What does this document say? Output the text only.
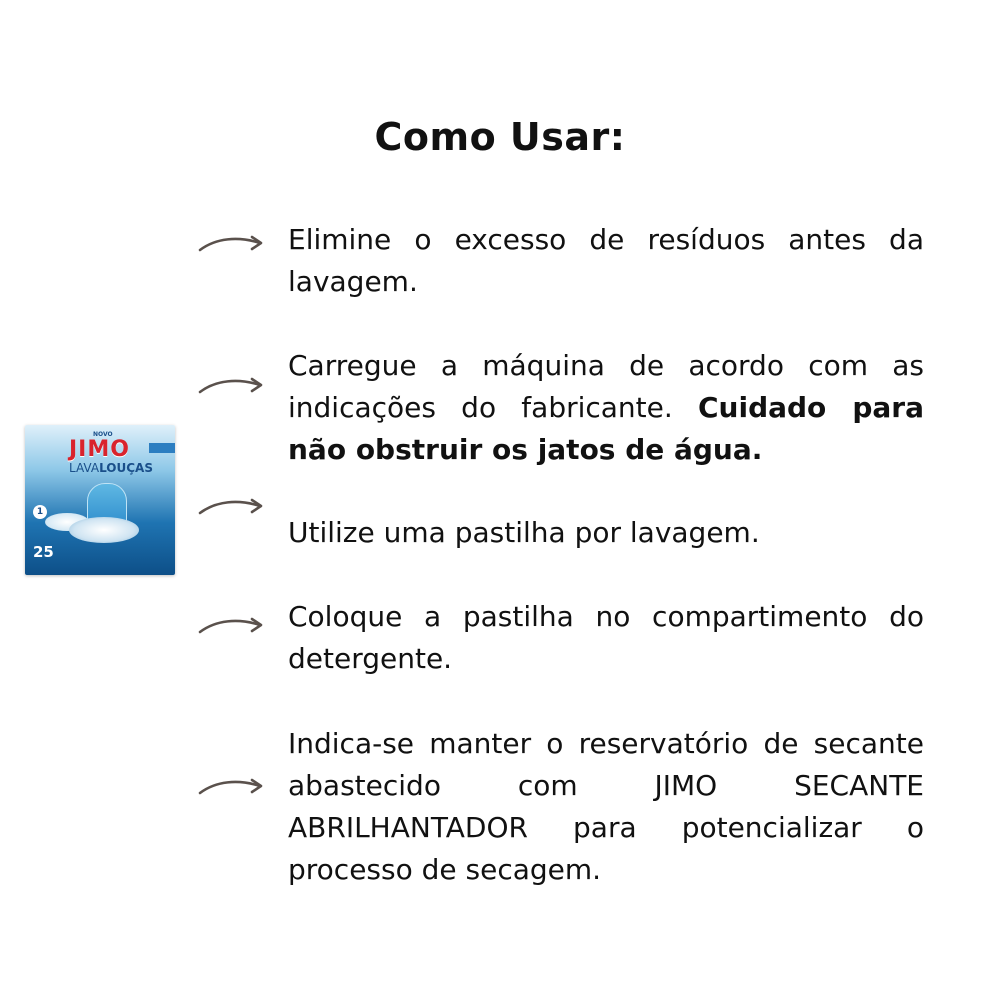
Como Usar:
NOVO
JIMO
LAVALOUÇAS
1
25
Elimine o excesso de resíduos antes da lavagem.
Carregue a máquina de acordo com as indicações do fabricante. Cuidado para não obstruir os jatos de água.
Utilize uma pastilha por lavagem.
Coloque a pastilha no compartimento do detergente.
Indica-se manter o reservatório de secante abastecido com JIMO SECANTE ABRILHANTADOR para potencializar o processo de secagem.
